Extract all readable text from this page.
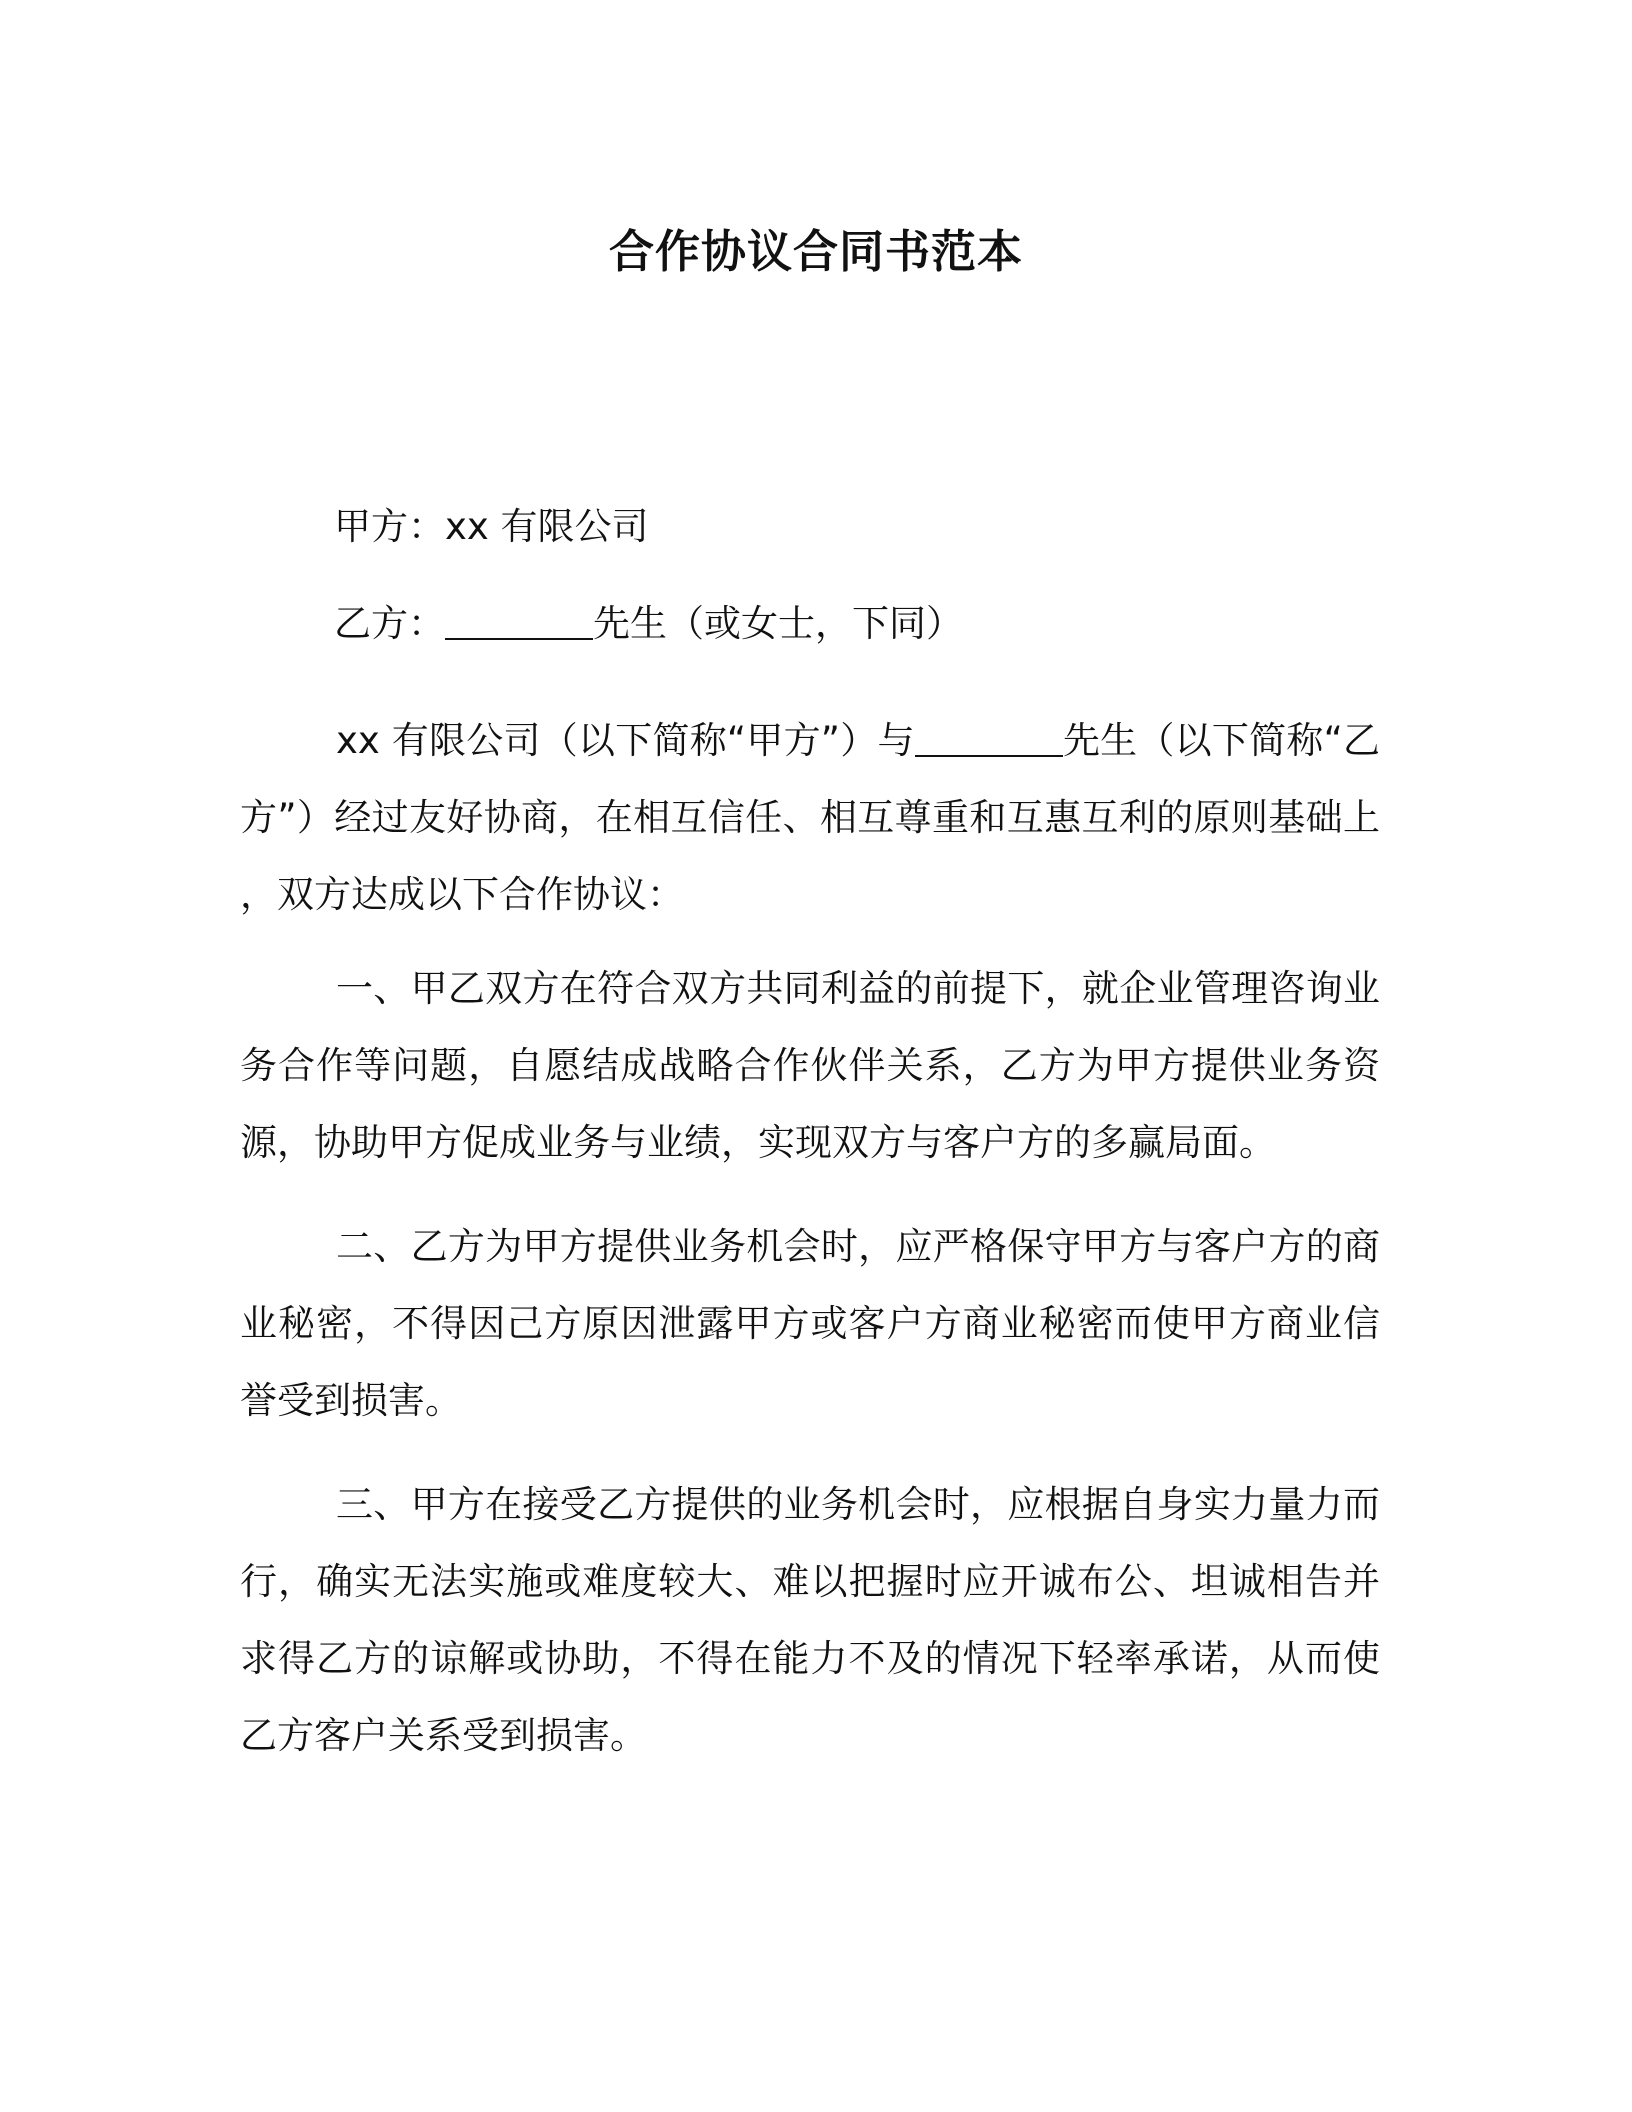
合作协议合同书范本
甲方：xx 有限公司
乙方：	先生（或女士，下同）

xx 有限公司（以下简称“甲方”）与	先生（以下简称“乙方”）经过友好协商，在相互信任、相互尊重和互惠互利的原则基础上，双方达成以下合作协议：

一、甲乙双方在符合双方共同利益的前提下，就企业管理咨询业务合作等问题，自愿结成战略合作伙伴关系，乙方为甲方提供业务资源，协助甲方促成业务与业绩，实现双方与客户方的多赢局面。

二、乙方为甲方提供业务机会时，应严格保守甲方与客户方的商业秘密，不得因己方原因泄露甲方或客户方商业秘密而使甲方商业信誉受到损害。

三、甲方在接受乙方提供的业务机会时，应根据自身实力量力而行，确实无法实施或难度较大、难以把握时应开诚布公、坦诚相告并求得乙方的谅解或协助，不得在能力不及的情况下轻率承诺，从而使乙方客户关系受到损害。
